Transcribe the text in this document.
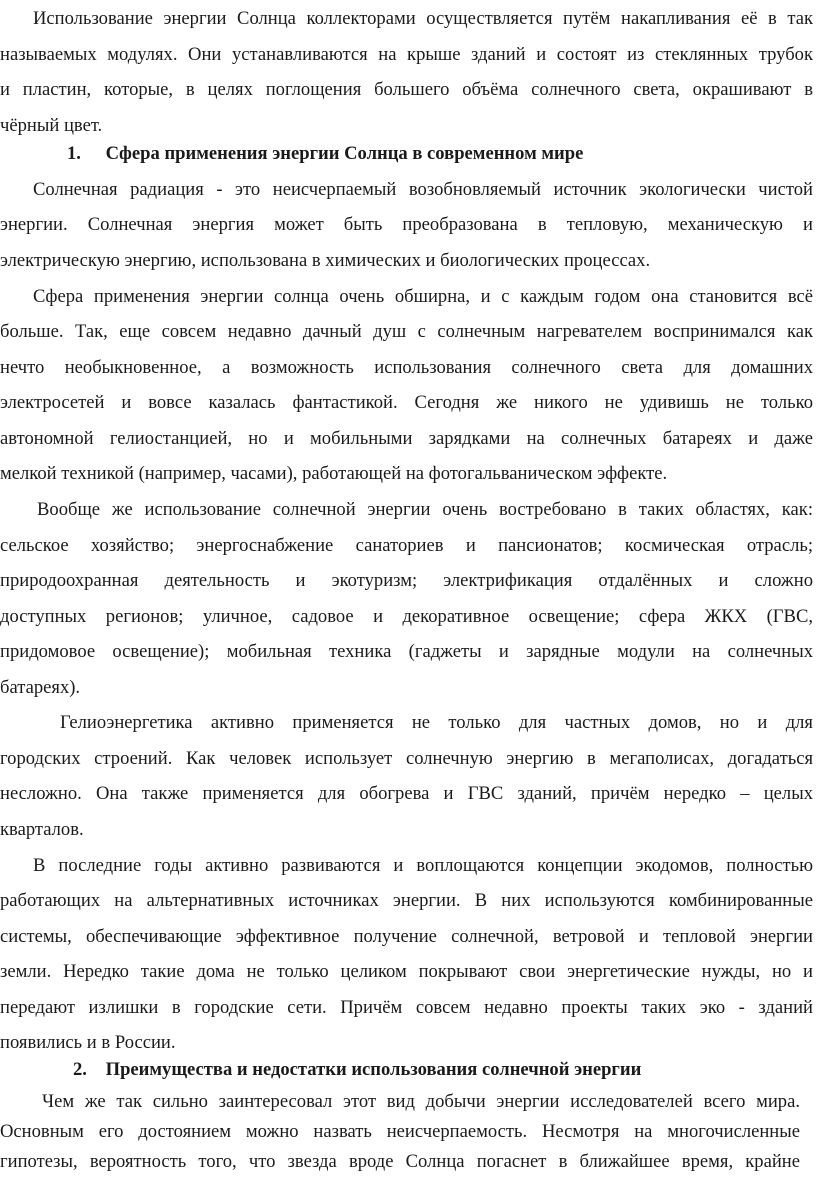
Использование энергии Солнца коллекторами осуществляется путём накапливания её в так
называемых модулях. Они устанавливаются на крыше зданий и состоят из стеклянных трубок
и пластин, которые, в целях поглощения большего объёма солнечного света, окрашивают в
чёрный цвет.
1. Сфера применения энергии Солнца в современном мире
Солнечная радиация - это неисчерпаемый возобновляемый источник экологически чистой
энергии. Солнечная энергия может быть преобразована в тепловую, механическую и
электрическую энергию, использована в химических и биологических процессах.
Сфера применения энергии солнца очень обширна, и с каждым годом она становится всё
больше. Так, еще совсем недавно дачный душ с солнечным нагревателем воспринимался как
нечто необыкновенное, а возможность использования солнечного света для домашних
электросетей и вовсе казалась фантастикой. Сегодня же никого не удивишь не только
автономной гелиостанцией, но и мобильными зарядками на солнечных батареях и даже
мелкой техникой (например, часами), работающей на фотогальваническом эффекте.
Вообще же использование солнечной энергии очень востребовано в таких областях, как:
сельское хозяйство; энергоснабжение санаториев и пансионатов; космическая отрасль;
природоохранная деятельность и экотуризм; электрификация отдалённых и сложно
доступных регионов; уличное, садовое и декоративное освещение; сфера ЖКХ (ГВС,
придомовое освещение); мобильная техника (гаджеты и зарядные модули на солнечных
батареях).
Гелиоэнергетика активно применяется не только для частных домов, но и для
городских строений. Как человек использует солнечную энергию в мегаполисах, догадаться
несложно. Она также применяется для обогрева и ГВС зданий, причём нередко – целых
кварталов.
В последние годы активно развиваются и воплощаются концепции экодомов, полностью
работающих на альтернативных источниках энергии. В них используются комбинированные
системы, обеспечивающие эффективное получение солнечной, ветровой и тепловой энергии
земли. Нередко такие дома не только целиком покрывают свои энергетические нужды, но и
передают излишки в городские сети. Причём совсем недавно проекты таких эко - зданий
появились и в России.
2. Преимущества и недостатки использования солнечной энергии
Чем же так сильно заинтересовал этот вид добычи энергии исследователей всего мира.
Основным его достоянием можно назвать неисчерпаемость. Несмотря на многочисленные
гипотезы, вероятность того, что звезда вроде Солнца погаснет в ближайшее время, крайне
